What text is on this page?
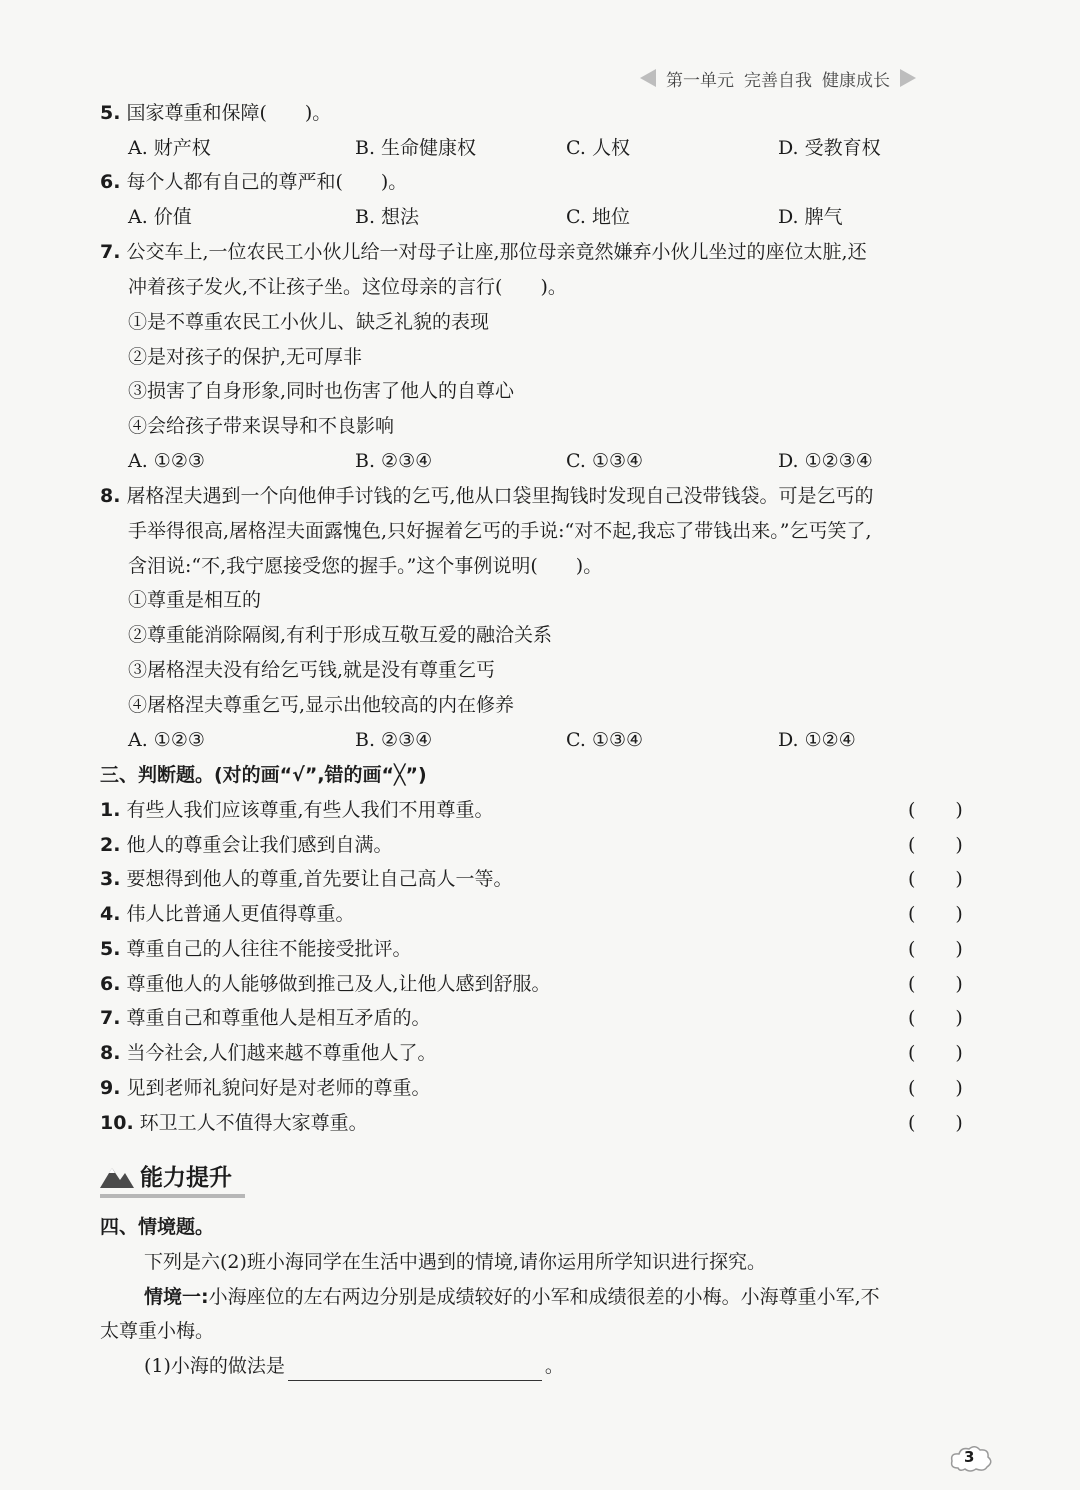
第一单元 完善自我 健康成长
5. 国家尊重和保障(　　)。
A. 财产权	B. 生命健康权	C. 人权	D. 受教育权
6. 每个人都有自己的尊严和(　　)。
A. 价值	B. 想法	C. 地位	D. 脾气
7. 公交车上,一位农民工小伙儿给一对母子让座,那位母亲竟然嫌弃小伙儿坐过的座位太脏,还
冲着孩子发火,不让孩子坐。这位母亲的言行(　　)。
①是不尊重农民工小伙儿、缺乏礼貌的表现
②是对孩子的保护,无可厚非
③损害了自身形象,同时也伤害了他人的自尊心
④会给孩子带来误导和不良影响
A. ①②③	B. ②③④	C. ①③④	D. ①②③④
8. 屠格涅夫遇到一个向他伸手讨钱的乞丐,他从口袋里掏钱时发现自己没带钱袋。可是乞丐的
手举得很高,屠格涅夫面露愧色,只好握着乞丐的手说:“对不起,我忘了带钱出来。”乞丐笑了,
含泪说:“不,我宁愿接受您的握手。”这个事例说明(　　)。
①尊重是相互的
②尊重能消除隔阂,有利于形成互敬互爱的融洽关系
③屠格涅夫没有给乞丐钱,就是没有尊重乞丐
④屠格涅夫尊重乞丐,显示出他较高的内在修养
A. ①②③	B. ②③④	C. ①③④	D. ①②④
三、判断题。(对的画“√”,错的画“╳”)
1. 有些人我们应该尊重,有些人我们不用尊重。	()
2. 他人的尊重会让我们感到自满。	()
3. 要想得到他人的尊重,首先要让自己高人一等。	()
4. 伟人比普通人更值得尊重。	()
5. 尊重自己的人往往不能接受批评。	()
6. 尊重他人的人能够做到推己及人,让他人感到舒服。	()
7. 尊重自己和尊重他人是相互矛盾的。	()
8. 当今社会,人们越来越不尊重他人了。	()
9. 见到老师礼貌问好是对老师的尊重。	()
10. 环卫工人不值得大家尊重。	()
能力提升
四、情境题。
下列是六(2)班小海同学在生活中遇到的情境,请你运用所学知识进行探究。
情境一:小海座位的左右两边分别是成绩较好的小军和成绩很差的小梅。小海尊重小军,不
太尊重小梅。
(1)小海的做法是	。
3
